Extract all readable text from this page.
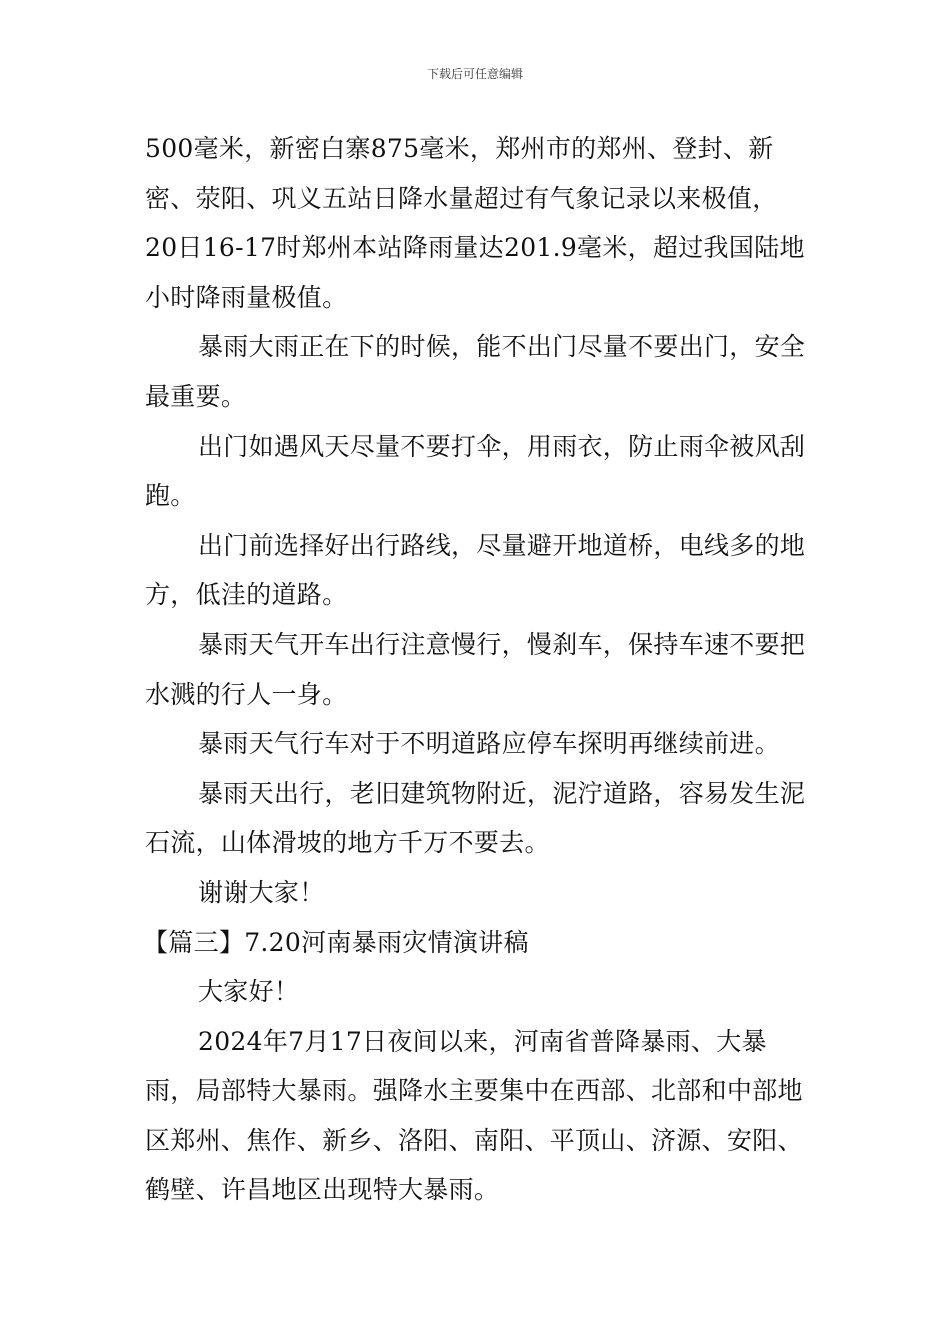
下载后可任意编辑

500毫米，新密白寨875毫米，郑州市的郑州、登封、新密、荥阳、巩义五站日降水量超过有气象记录以来极值，20日16-17时郑州本站降雨量达201.9毫米，超过我国陆地小时降雨量极值。

暴雨大雨正在下的时候，能不出门尽量不要出门，安全最重要。

出门如遇风天尽量不要打伞，用雨衣，防止雨伞被风刮跑。

出门前选择好出行路线，尽量避开地道桥，电线多的地方，低洼的道路。

暴雨天气开车出行注意慢行，慢刹车，保持车速不要把水溅的行人一身。

暴雨天气行车对于不明道路应停车探明再继续前进。

暴雨天出行，老旧建筑物附近，泥泞道路，容易发生泥石流，山体滑坡的地方千万不要去。

谢谢大家！

【篇三】7.20河南暴雨灾情演讲稿

大家好！

2024年7月17日夜间以来，河南省普降暴雨、大暴雨，局部特大暴雨。强降水主要集中在西部、北部和中部地区郑州、焦作、新乡、洛阳、南阳、平顶山、济源、安阳、鹤壁、许昌地区出现特大暴雨。
